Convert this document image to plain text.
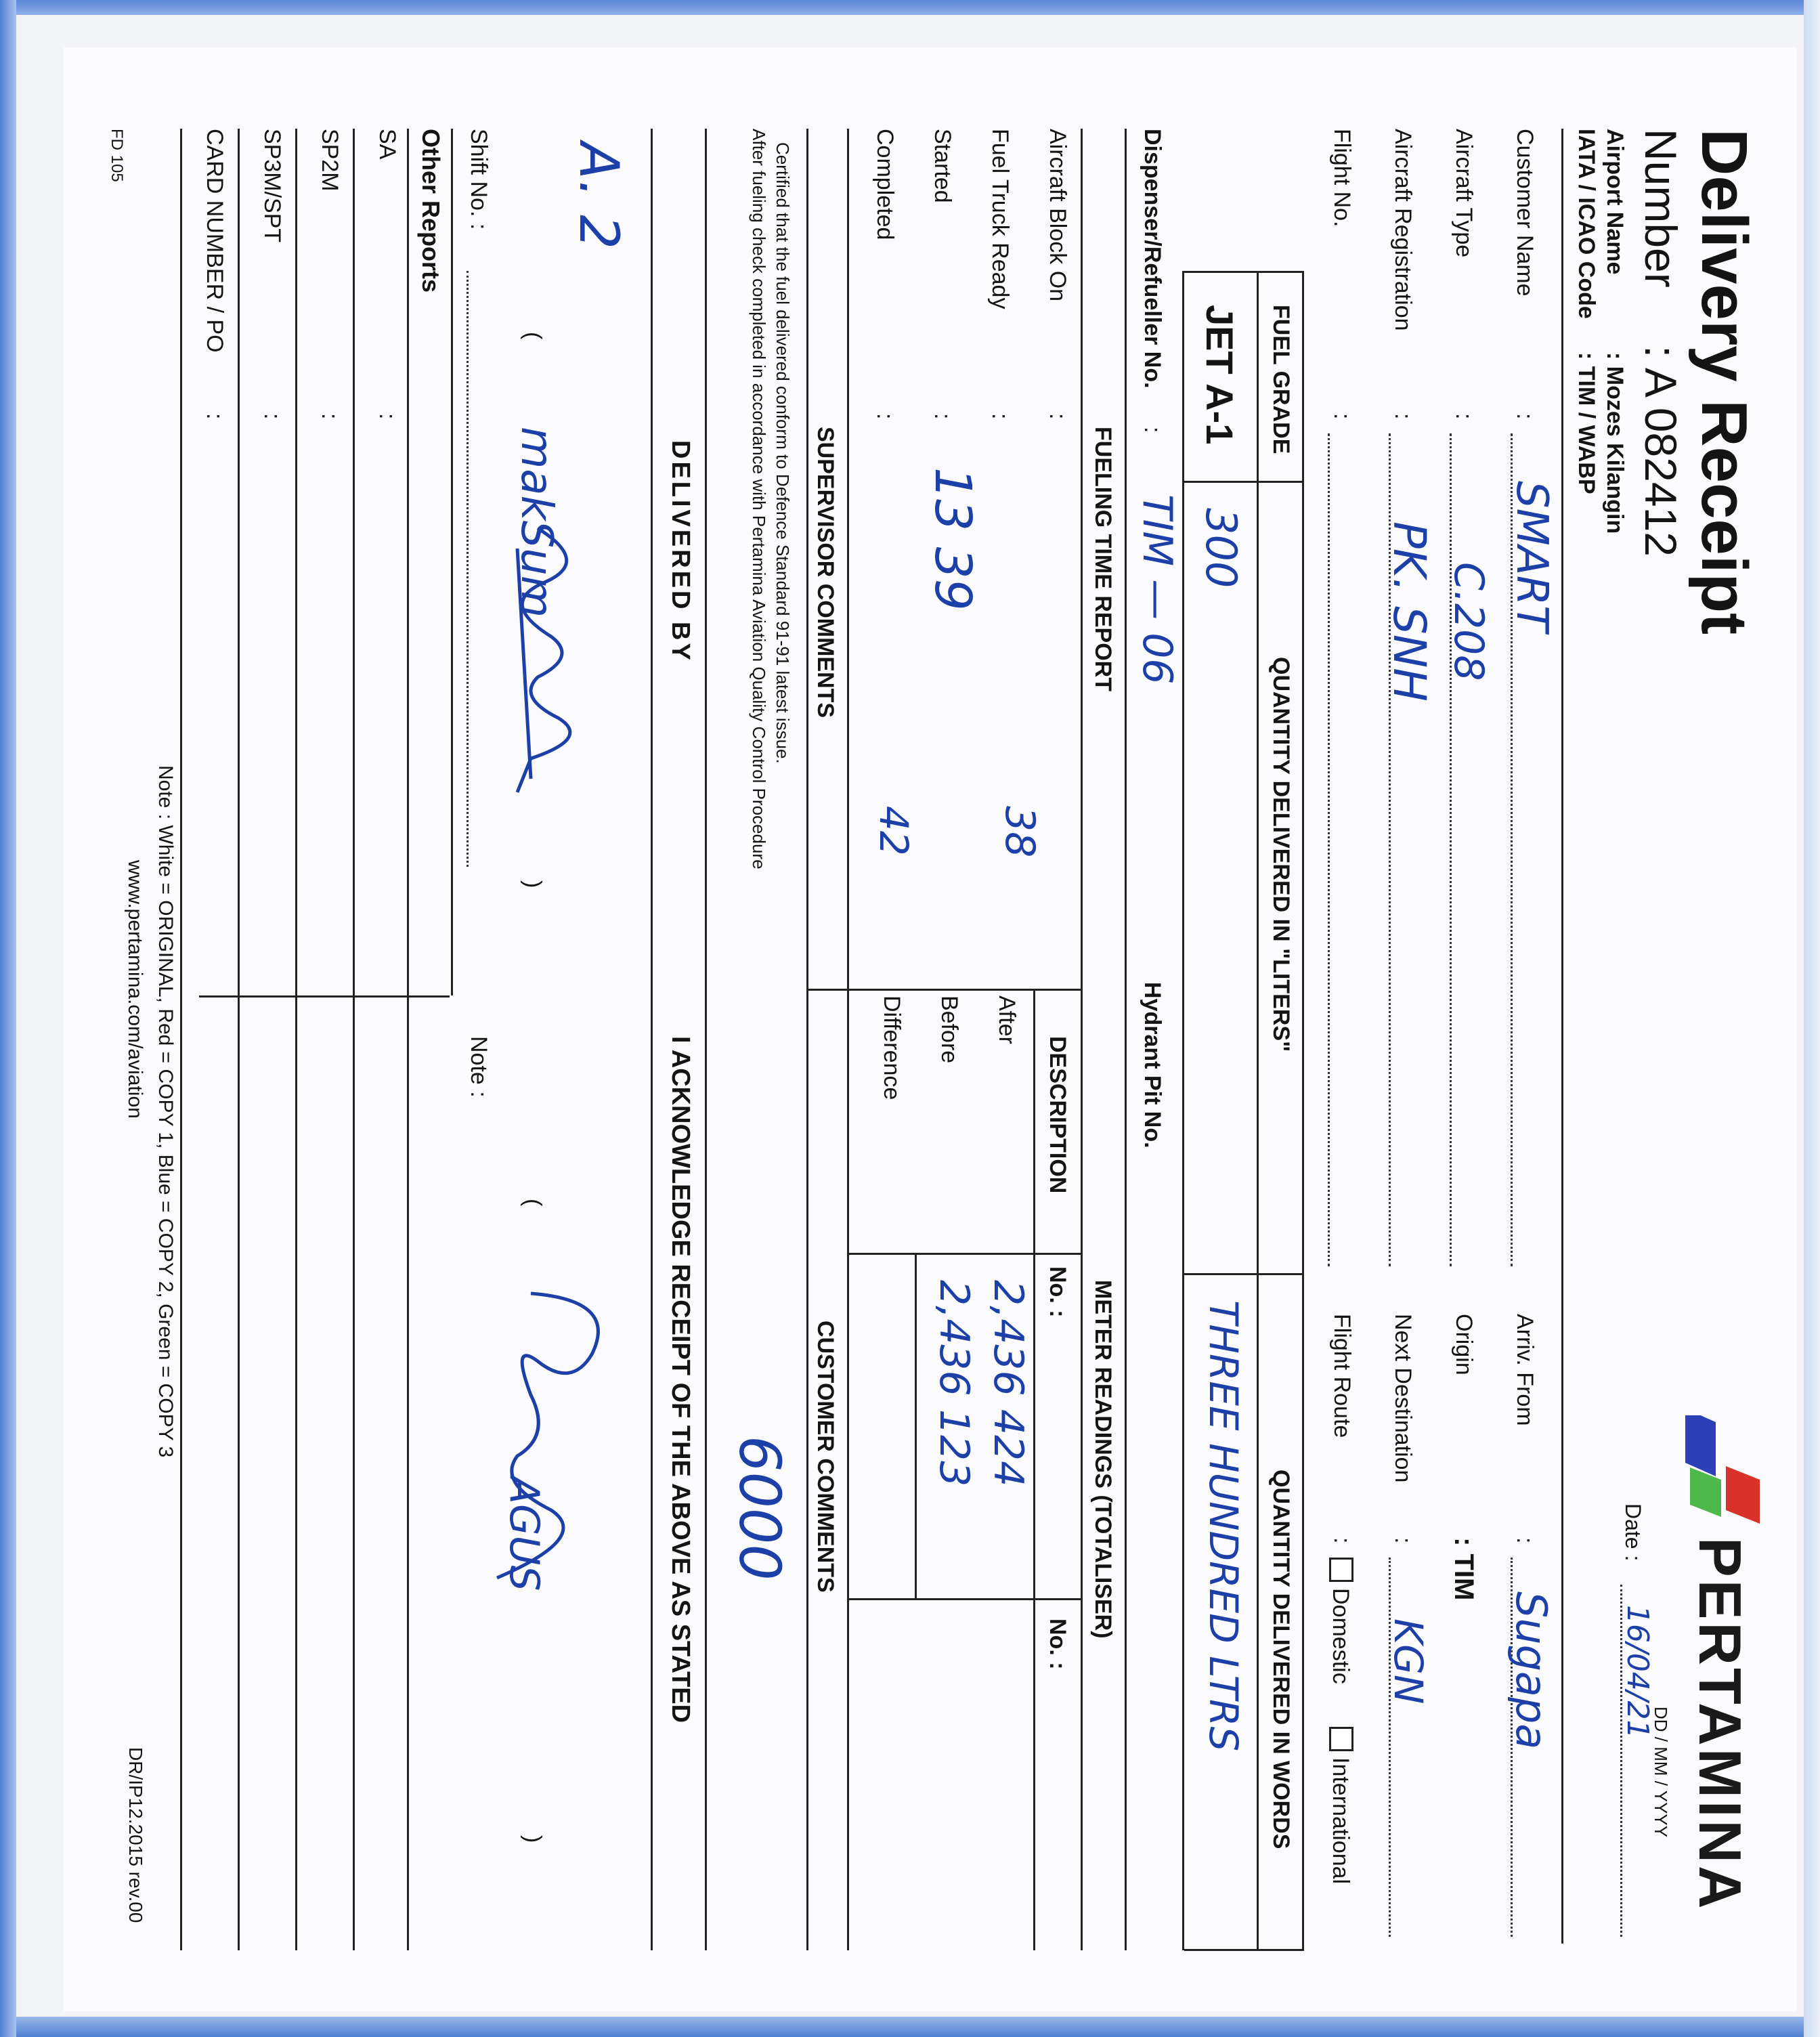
Delivery Receipt
Number
: A 082412
PERTAMINA
DD / MM / YYYY
Date :
16/04/21
Airport Name
: Mozes Kilangin
IATA / ICAO Code
: TIM / WABP
Customer Name
:
SMART
Arriv. From
:
Sugapa
Aircraft Type
:
C.208
Origin
: TIM
Aircraft Registration
:
PK. SNH
Next Destination
:
KGN
Flight No.
:
Flight Route
:
Domestic
International
FUEL GRADE
QUANTITY DELIVERED IN "LITERS"
QUANTITY DELIVERED IN WORDS
JET A-1
300
THREE HUNDRED LTRS
Dispenser/Refueller No.
:
TIM — 06
Hydrant Pit No.
FUELING TIME REPORT
METER READINGS (TOTALISER)
Aircraft Block On
:
Fuel Truck Ready
:
38
Started
:
13 39
Completed
:
42
DESCRIPTION
No. :
No. :
After
2,436 424
Before
2,436 123
Difference
SUPERVISOR COMMENTS
CUSTOMER COMMENTS
Certified that the fuel delivered conform to Defence Standard 91-91 latest issue.
After fueling check completed in accordance with Pertamina Aviation Quality Control Procedure
6000
DELIVERED BY
I ACKNOWLEDGE RECEIPT OF THE ABOVE AS STATED
A. 2
(
makSum
)
(
AGUS
)
Shift No. :
Note :
Other Reports
SA
:
SP2M
:
SP3M/SPT
:
CARD NUMBER / PO
:
Note : White = ORIGINAL, Red = COPY 1, Blue = COPY 2, Green = COPY 3
www.pertamina.com/aviation
FD 105
DR/IP12.2015 rev.00
